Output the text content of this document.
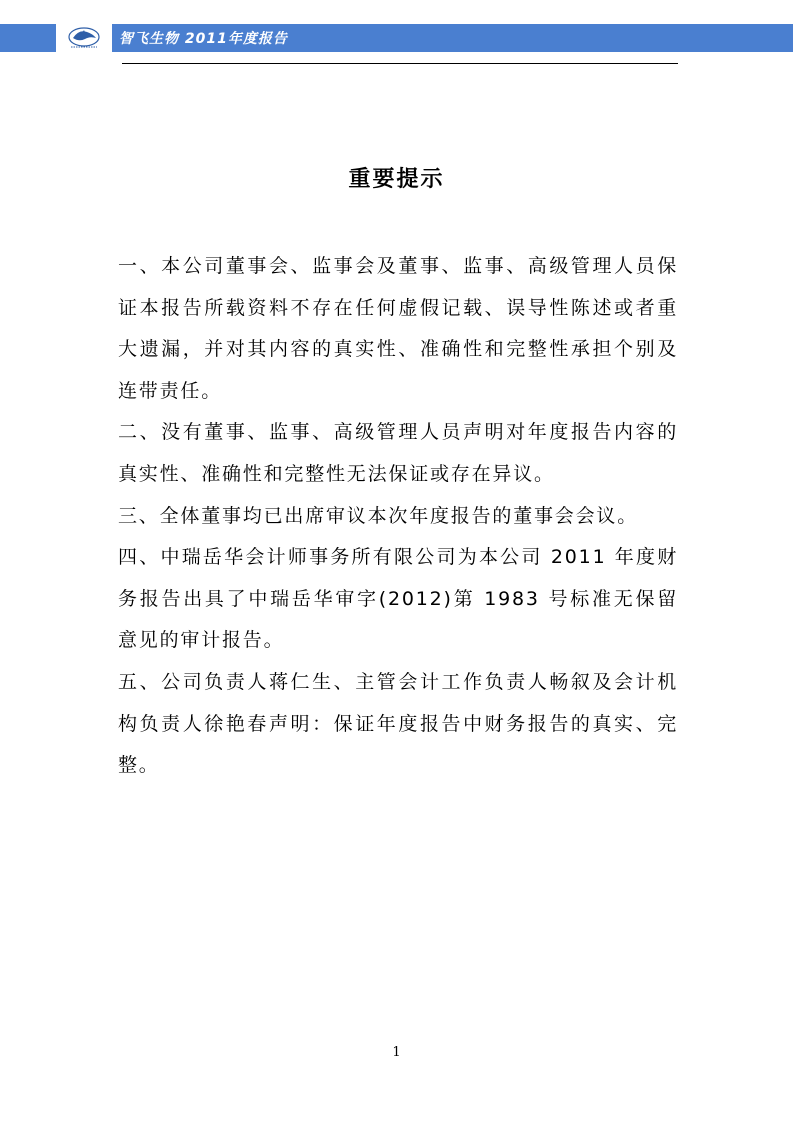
智飞生物 2011年度报告
重要提示

一、本公司董事会、监事会及董事、监事、高级管理人员保证本报告所载资料不存在任何虚假记载、误导性陈述或者重大遗漏，并对其内容的真实性、准确性和完整性承担个别及连带责任。

二、没有董事、监事、高级管理人员声明对年度报告内容的真实性、准确性和完整性无法保证或存在异议。

三、全体董事均已出席审议本次年度报告的董事会会议。

四、中瑞岳华会计师事务所有限公司为本公司 2011 年度财务报告出具了中瑞岳华审字(2012)第 1983 号标准无保留意见的审计报告。

五、公司负责人蒋仁生、主管会计工作负责人畅叙及会计机构负责人徐艳春声明：保证年度报告中财务报告的真实、完整。

1
